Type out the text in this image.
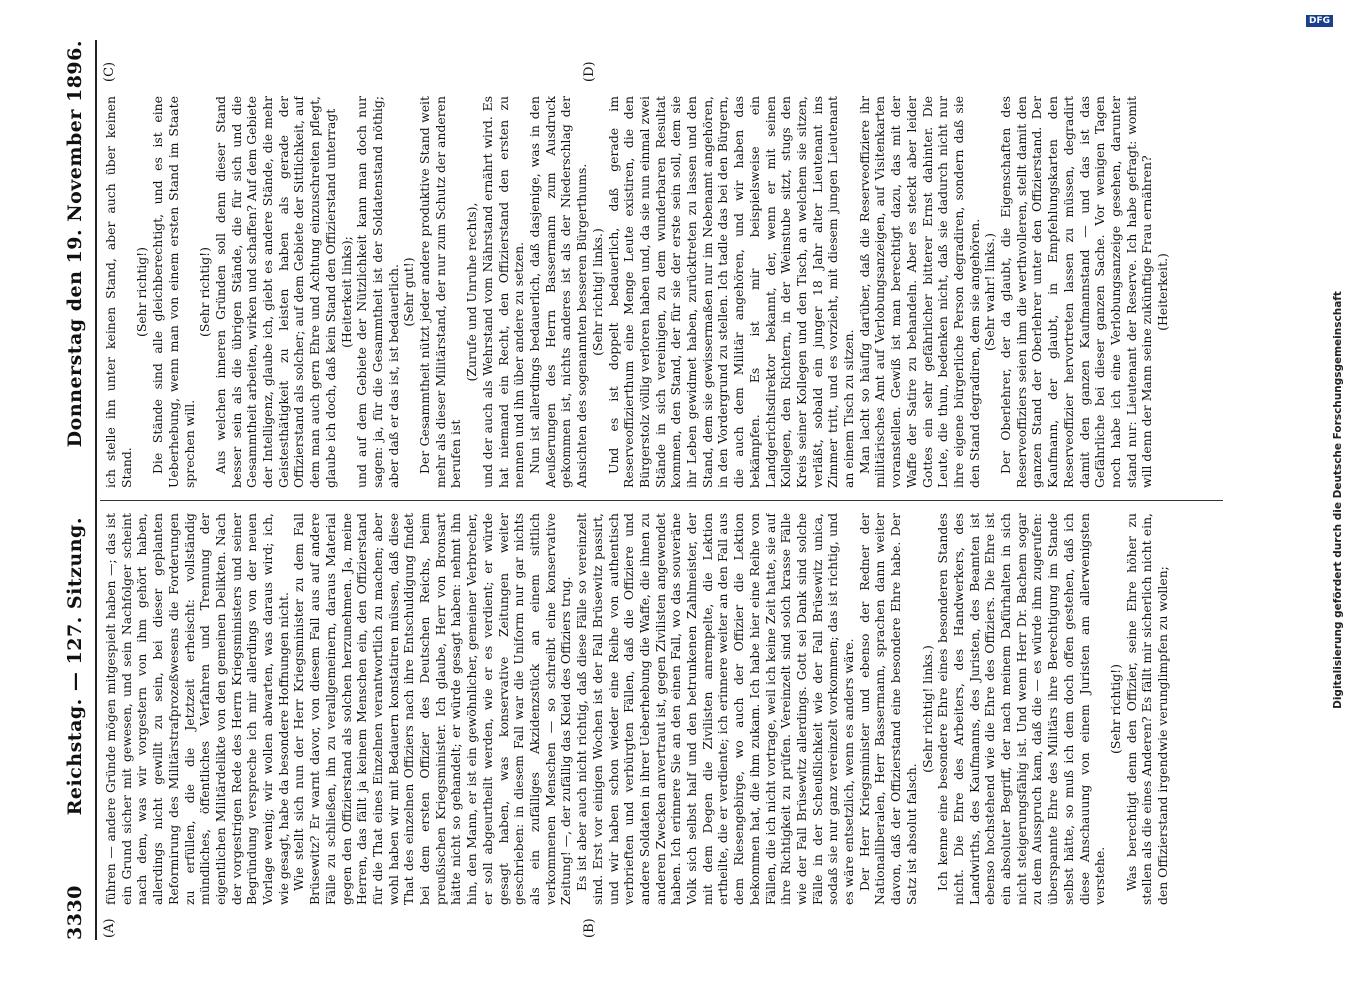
3330
Reichstag. — 127. Sitzung.
Donnerstag den 19. November 1896.
(A)	(B)
(C)	(D)

führen — andere Gründe mögen mitgespielt haben —; das ist ein Grund sicher mit gewesen, und sein Nachfolger scheint nach dem, was wir vorgestern von ihm gehört haben, allerdings nicht gewillt zu sein, bei dieser geplanten Reformirung des Militärstrafprozeßwesens die Forderungen zu erfüllen, die die Jetztzeit erheischt: vollständig mündliches, öffentliches Verfahren und Trennung der eigentlichen Militärdelikte von den gemeinen Delikten. Nach der vorgestrigen Rede des Herrn Kriegsministers und seiner Begründung verspreche ich mir allerdings von der neuen Vorlage wenig; wir wollen abwarten, was daraus wird; ich, wie gesagt, habe da besondere Hoffnungen nicht. Wie stellt sich nun der Herr Kriegsminister zu dem Fall Brüsewitz? Er warnt davor, von diesem Fall aus auf andere Fälle zu schließen, ihn zu verallgemeinern, daraus Material gegen den Offizierstand als solchen herzunehmen. Ja, meine Herren, das fällt ja keinem Menschen ein, den Offizierstand für die That eines Einzelnen verantwortlich zu machen; aber wohl haben wir mit Bedauern konstatiren müssen, daß diese That des einzelnen Offiziers nach ihre Entschuldigung findet bei dem ersten Offizier des Deutschen Reichs, beim preußischen Kriegsminister. Ich glaube, Herr von Bronsart hätte nicht so gehandelt; er würde gesagt haben: nehmt ihn hin, den Mann, er ist ein gewöhnlicher, gemeiner Verbrecher, er soll abgeurtheilt werden, wie er es verdient; er würde gesagt haben, was konservative Zeitungen weiter geschrieben: in diesem Fall war die Uniform nur gar nichts als ein zufälliges Akzidenzstück an einem sittlich verkommenen Menschen — so schreibt eine konservative Zeitung! —, der zufällig das Kleid des Offiziers trug. Es ist aber auch nicht richtig, daß diese Fälle so vereinzelt sind. Erst vor einigen Wochen ist der Fall Brüsewitz passirt, und wir haben schon wieder eine Reihe von authentisch verbrieften und verbürgten Fällen, daß die Offiziere und andere Soldaten in ihrer Ueberhebung die Waffe, die ihnen zu anderen Zwecken anvertraut ist, gegen Zivilisten angewendet haben. Ich erinnere Sie an den einen Fall, wo das souveräne Volk sich selbst half und den betrunkenen Zahlmeister, der mit dem Degen die Zivilisten anrempelte, die Lektion ertheilte, die er verdiente; ich erinnere weiter an den Fall aus dem Riesengebirge, wo auch der Offizier die Lektion bekommen hat, die ihm zukam. Ich habe hier eine Reihe von Fällen, die ich nicht vortrage, weil ich keine Zeit hatte, sie auf ihre Richtigkeit zu prüfen. Vereinzelt sind solch krasse Fälle wie der Fall Brüsewitz allerdings. Gott sei Dank sind solche Fälle in der Scheußlichkeit wie der Fall Brüsewitz unica, sodaß sie nur ganz vereinzelt vorkommen; das ist richtig, und es wäre entsetzlich, wenn es anders wäre. Der Herr Kriegsminister und ebenso der Redner der Nationalliberalen, Herr Bassermann, sprachen dann weiter davon, daß der Offizierstand eine besondere Ehre habe. Der Satz ist absolut falsch.

(Sehr richtig! links.) Ich kenne eine besondere Ehre eines besonderen Standes nicht. Die Ehre des Arbeiters, des Handwerkers, des Landwirths, des Kaufmanns, des Juristen, des Beamten ist ebenso hochstehend wie die Ehre des Offiziers. Die Ehre ist ein absoluter Begriff, der nach meinem Dafürhalten in sich nicht steigerungsfähig ist. Und wenn Herr Dr. Bachem sogar zu dem Ausspruch kam, daß die — es würde ihm zugerufen: überspannte Ehre des Militärs ihre Berechtigung im Stande selbst hätte, so muß ich dem doch offen gestehen, daß ich diese Anschauung von einem Juristen am allerwenigsten verstehe.

(Sehr richtig!) Was berechtigt denn den Offizier, seine Ehre höher zu stellen als die eines Anderen? Es fällt mir sicherlich nicht ein, den Offizierstand irgendwie verunglimpfen zu wollen;

ich stelle ihn unter keinen Stand, aber auch über keinen Stand.

(Sehr richtig!) Die Stände sind alle gleichberechtigt, und es ist eine Ueberhebung, wenn man von einem ersten Stand im Staate sprechen will.

(Sehr richtig!) Aus welchen inneren Gründen soll denn dieser Stand besser sein als die übrigen Stände, die für sich und die Gesammtheit arbeiten, wirken und schaffen? Auf dem Gebiete der Intelligenz, glaube ich, giebt es andere Stände, die mehr Geistesthätigkeit zu leisten haben als gerade der Offizierstand als solcher; auf dem Gebiete der Sittlichkeit, auf dem man auch gern Ehre und Achtung einzuschreiten pflegt, glaube ich doch, daß kein Stand den Offizierstand unterragt (Heiterkeit links); und auf dem Gebiete der Nützlichkeit kann man doch nur sagen: ja, für die Gesammtheit ist der Soldatenstand nöthig; aber daß er das ist, ist bedauerlich. (Sehr gut!) Der Gesammtheit nützt jeder andere produktive Stand weit mehr als dieser Militärstand, der nur zum Schutz der anderen berufen ist

(Zurufe und Unruhe rechts), und der auch als Wehrstand vom Nährstand ernährt wird. Es hat niemand ein Recht, den Offizierstand den ersten zu nennen und ihn über andere zu setzen. Nun ist allerdings bedauerlich, daß dasjenige, was in den Aeußerungen des Herrn Bassermann zum Ausdruck gekommen ist, nichts anderes ist als der Niederschlag der Ansichten des sogenannten besseren Bürgerthums. (Sehr richtig! links.) Und es ist doppelt bedauerlich, daß gerade im Reserveoffizierthum eine Menge Leute existiren, die den Bürgerstolz völlig verloren haben und, da sie nun einmal zwei Stände in sich vereinigen, zu dem wunderbaren Resultat kommen, den Stand, der für sie der erste sein soll, dem sie ihr Leben gewidmet haben, zurücktreten zu lassen und den Stand, dem sie gewissermaßen nur im Nebenamt angehören, in den Vordergrund zu stellen. Ich tadle das bei den Bürgern, die auch dem Militär angehören, und wir haben das bekämpfen. Es ist mir beispielsweise ein Landgerichtsdirektor bekannt, der, wenn er mit seinen Kollegen, den Richtern, in der Weinstube sitzt, stugs den Kreis seiner Kollegen und den Tisch, an welchem sie sitzen, verläßt, sobald ein junger 18 Jahr alter Lieutenant ins Zimmer tritt, und es vorzieht, mit diesem jungen Lieutenant an einem Tisch zu sitzen. Man lacht so häufig darüber, daß die Reserveoffiziere ihr militärisches Amt auf Verlobungsanzeigen, auf Visitenkarten voranstellen. Gewiß ist man berechtigt dazu, das mit der Waffe der Satire zu behandeln. Aber es steckt aber leider Gottes ein sehr gefährlicher bitterer Ernst dahinter. Die Leute, die thun, bedenken nicht, daß sie dadurch nicht nur ihre eigene bürgerliche Person degradiren, sondern daß sie den Stand degradiren, dem sie angehören. (Sehr wahr! links.) Der Oberlehrer, der da glaubt, die Eigenschaften des Reserveoffiziers seien ihm die werthvolleren, stellt damit den ganzen Stand der Oberlehrer unter den Offizierstand. Der Kaufmann, der glaubt, in Empfehlungskarten den Reserveoffizier hervortreten lassen zu müssen, degradirt damit den ganzen Kaufmannstand — und das ist das Gefährliche bei dieser ganzen Sache. Vor wenigen Tagen noch habe ich eine Verlobungsanzeige gesehen, darunter stand nur: Lieutenant der Reserve. Ich habe gefragt: womit will denn der Mann seine zukünftige Frau ernähren? (Heiterkeit.)	Digitalisierung gefördert durch die Deutsche Forschungsgemeinschaft
DFG
